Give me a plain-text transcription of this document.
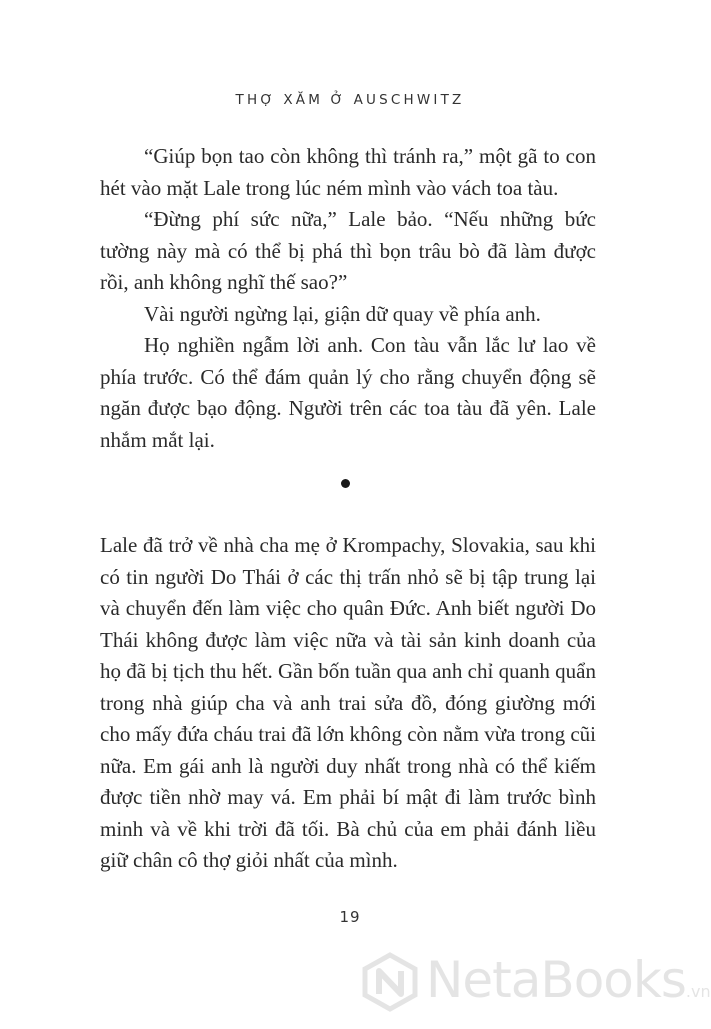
THỢ XĂM Ở AUSCHWITZ

“Giúp bọn tao còn không thì tránh ra,” một gã to con hét vào mặt Lale trong lúc ném mình vào vách toa tàu.

“Đừng phí sức nữa,” Lale bảo. “Nếu những bức tường này mà có thể bị phá thì bọn trâu bò đã làm được rồi, anh không nghĩ thế sao?”

Vài người ngừng lại, giận dữ quay về phía anh.

Họ nghiền ngẫm lời anh. Con tàu vẫn lắc lư lao về phía trước. Có thể đám quản lý cho rằng chuyển động sẽ ngăn được bạo động. Người trên các toa tàu đã yên. Lale nhắm mắt lại.

Lale đã trở về nhà cha mẹ ở Krompachy, Slovakia, sau khi có tin người Do Thái ở các thị trấn nhỏ sẽ bị tập trung lại và chuyển đến làm việc cho quân Đức. Anh biết người Do Thái không được làm việc nữa và tài sản kinh doanh của họ đã bị tịch thu hết. Gần bốn tuần qua anh chỉ quanh quẩn trong nhà giúp cha và anh trai sửa đồ, đóng giường mới cho mấy đứa cháu trai đã lớn không còn nằm vừa trong cũi nữa. Em gái anh là người duy nhất trong nhà có thể kiếm được tiền nhờ may vá. Em phải bí mật đi làm trước bình minh và về khi trời đã tối. Bà chủ của em phải đánh liều giữ chân cô thợ giỏi nhất của mình.

19
NetaBooks.vn
